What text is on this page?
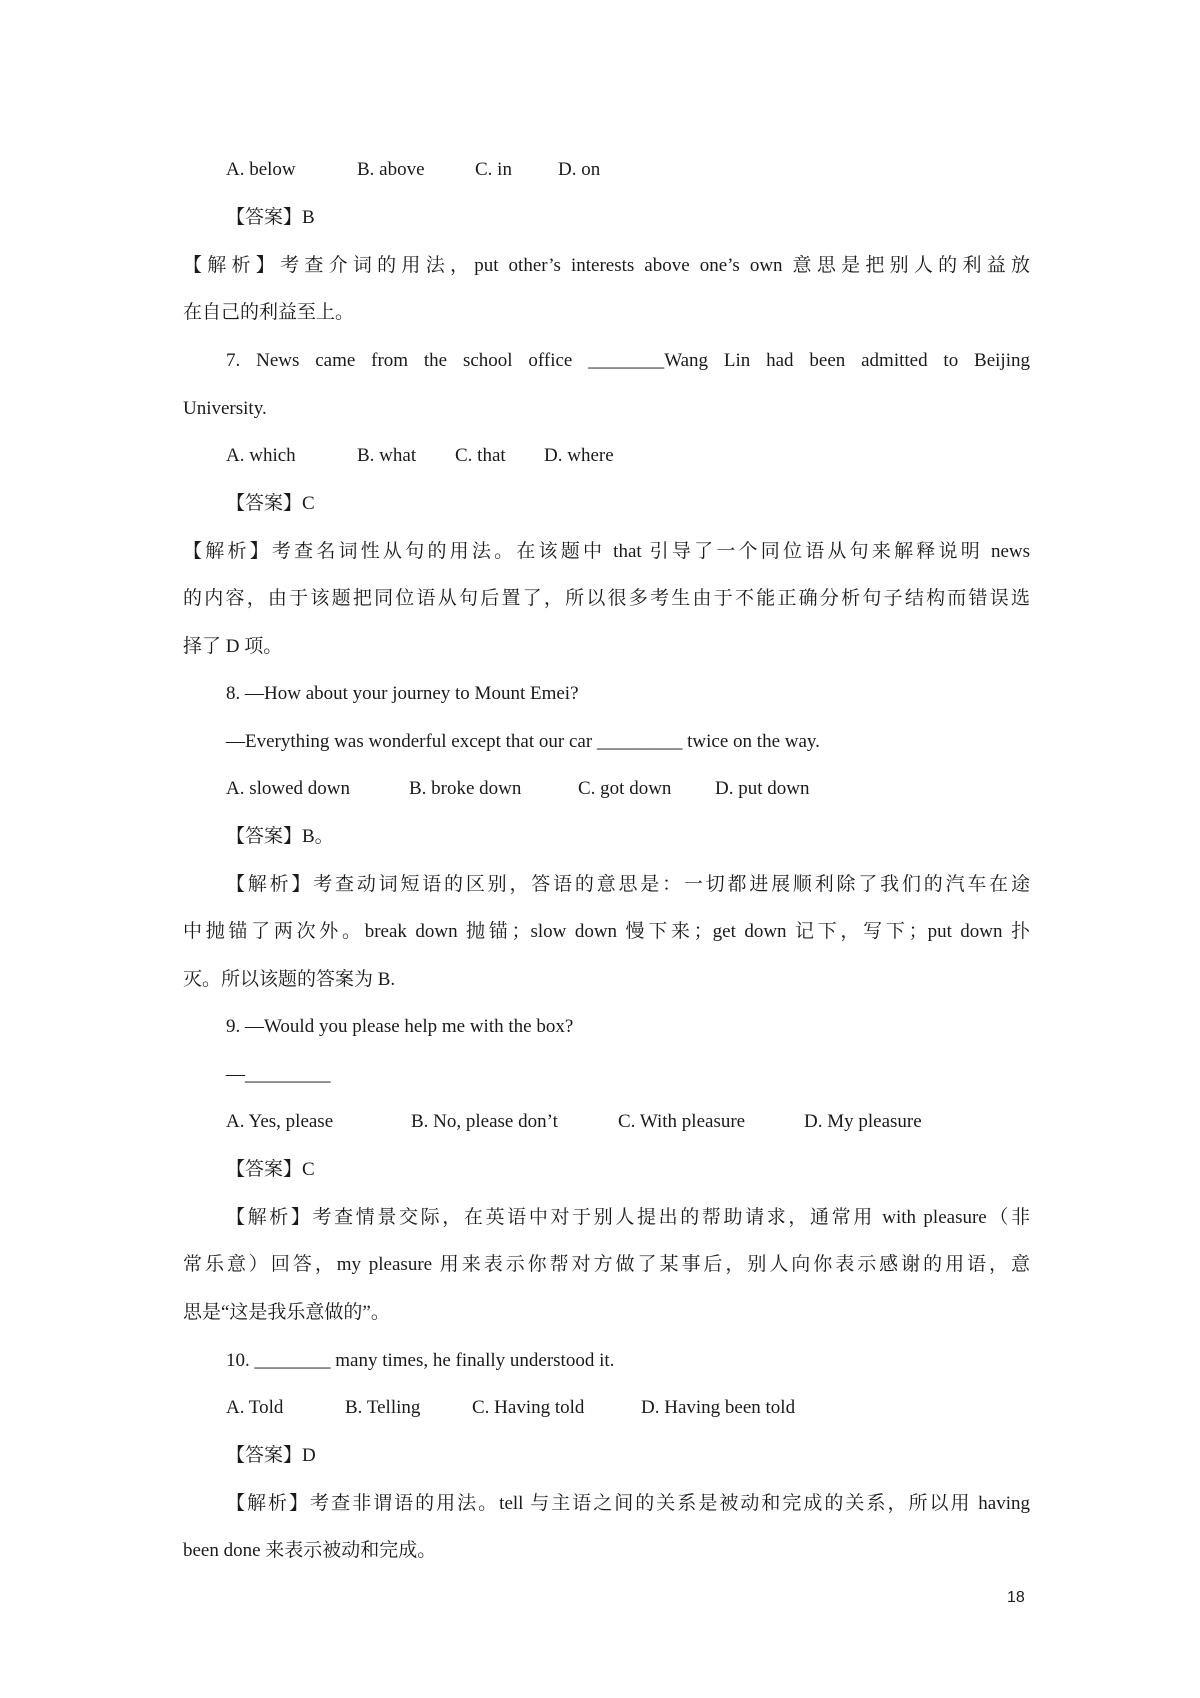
A. below	B. above	C. in D. on
【答案】B
【解析】考查介词的用法，put other’s interests above one’s own 意思是把别人的利益放
在自己的利益至上。
7. News came from the school office ________Wang Lin had been admitted to Beijing
University.
A. which	B. what C. that D. where
【答案】C
【解析】考查名词性从句的用法。在该题中 that 引导了一个同位语从句来解释说明 news
的内容，由于该题把同位语从句后置了，所以很多考生由于不能正确分析句子结构而错误选
择了 D 项。
8. —How about your journey to Mount Emei?
—Everything was wonderful except that our car _________ twice on the way.
A. slowed down	B. broke down	C. got down D. put down
【答案】B。
【解析】考查动词短语的区别，答语的意思是：一切都进展顺利除了我们的汽车在途
中抛锚了两次外。break down 抛锚；slow down 慢下来；get down 记下，写下；put down 扑
灭。所以该题的答案为 B.
9. —Would you please help me with the box?
—_________
A. Yes, please	B. No, please don’t	C. With pleasure	D. My pleasure
【答案】C
【解析】考查情景交际，在英语中对于别人提出的帮助请求，通常用 with pleasure（非
常乐意）回答，my pleasure 用来表示你帮对方做了某事后，别人向你表示感谢的用语，意
思是“这是我乐意做的”。
10. ________ many times, he finally understood it.
A. Told	B. Telling	C. Having told	D. Having been told
【答案】D
【解析】考查非谓语的用法。tell 与主语之间的关系是被动和完成的关系，所以用 having
been done 来表示被动和完成。
18
